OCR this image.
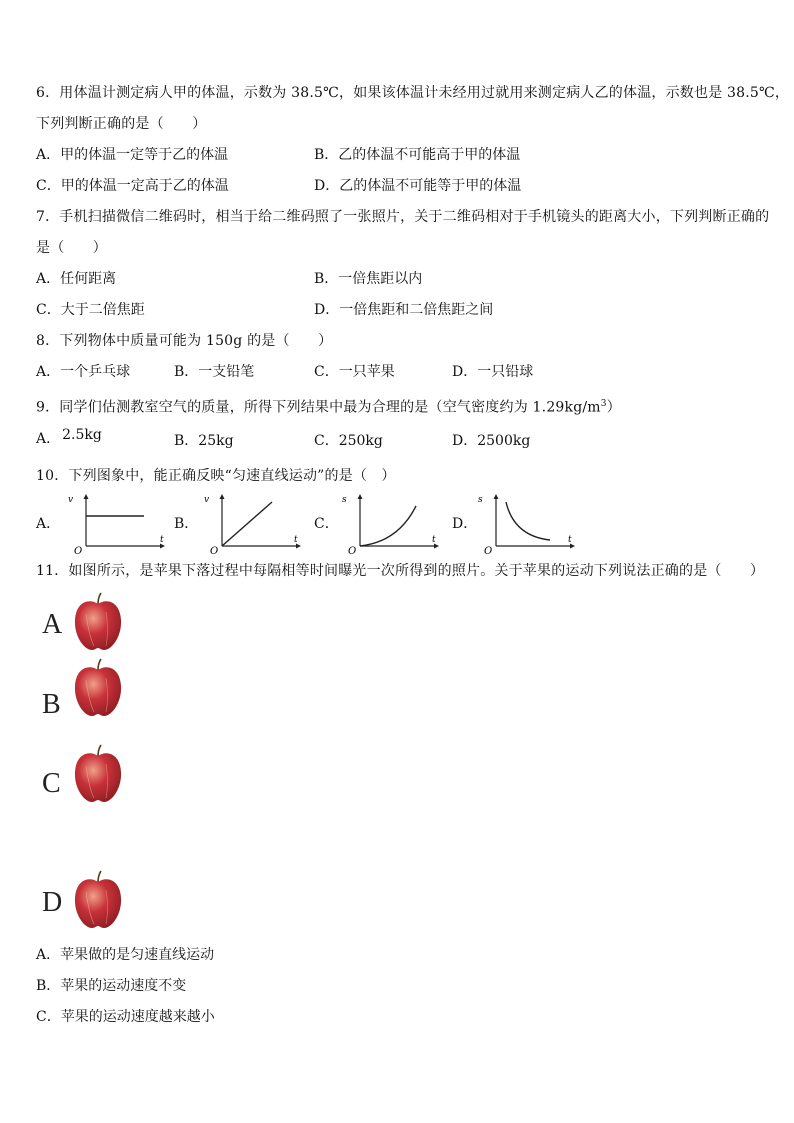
6．用体温计测定病人甲的体温，示数为 38.5℃，如果该体温计未经用过就用来测定病人乙的体温，示数也是 38.5℃，
下列判断正确的是（　　）
A．甲的体温一定等于乙的体温	B．乙的体温不可能高于甲的体温
C．甲的体温一定高于乙的体温	D．乙的体温不可能等于甲的体温
7．手机扫描微信二维码时，相当于给二维码照了一张照片，关于二维码相对于手机镜头的距离大小，下列判断正确的
是（　　）
A．任何距离	B．一倍焦距以内
C．大于二倍焦距	D．一倍焦距和二倍焦距之间
8．下列物体中质量可能为 150g 的是（　　）
A．一个乒乓球	B．一支铅笔	C．一只苹果	D．一只铅球
9．同学们估测教室空气的质量，所得下列结果中最为合理的是（空气密度约为 $1.29kg/m^3$）
A． 2.5kg	B．25kg	C．250kg	D．2500kg
10．下列图象中，能正确反映“匀速直线运动”的是（　）
A．
v
t
O
B．
v
t
O
C．
s
t
O
D．
s
t
O
11．如图所示，是苹果下落过程中每隔相等时间曝光一次所得到的照片。关于苹果的运动下列说法正确的是（　　）
A
B
C
D
A．苹果做的是匀速直线运动
B．苹果的运动速度不变
C．苹果的运动速度越来越小
